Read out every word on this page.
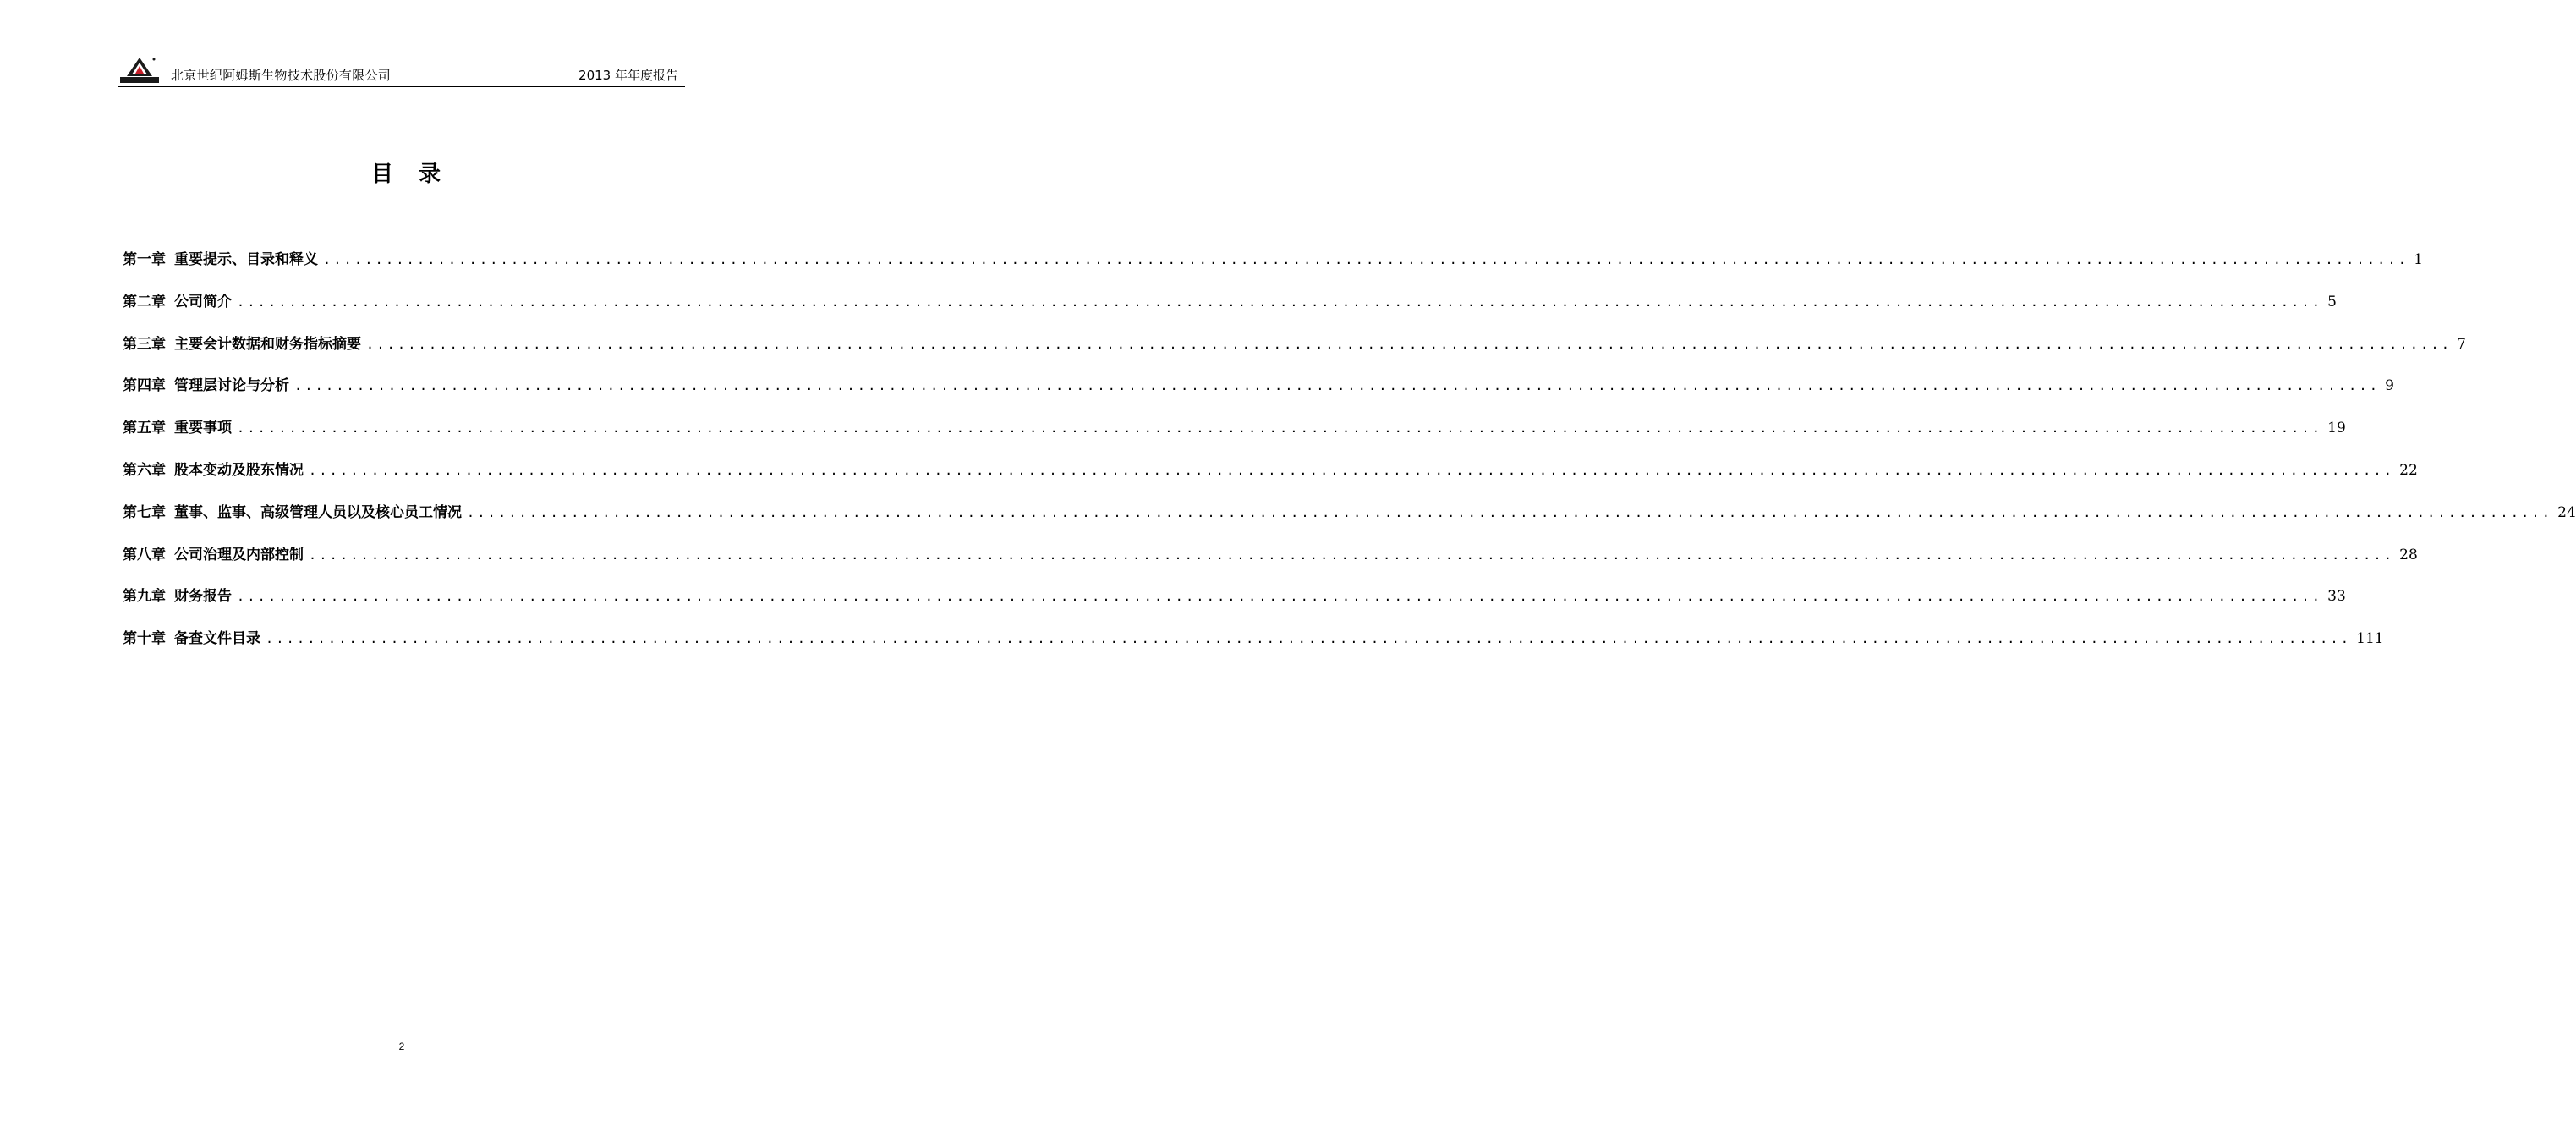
北京世纪阿姆斯生物技术股份有限公司	2013 年年度报告
目录
第一章 重要提示、目录和释义 ........................................................................................................................................................................................................ 1
第二章 公司简介 ........................................................................................................................................................................................................ 5
第三章 主要会计数据和财务指标摘要 ........................................................................................................................................................................................................ 7
第四章 管理层讨论与分析 ........................................................................................................................................................................................................ 9
第五章 重要事项 ........................................................................................................................................................................................................ 19
第六章 股本变动及股东情况 ........................................................................................................................................................................................................ 22
第七章 董事、监事、高级管理人员以及核心员工情况 ........................................................................................................................................................................................................ 24
第八章 公司治理及内部控制 ........................................................................................................................................................................................................ 28
第九章 财务报告 ........................................................................................................................................................................................................ 33
第十章 备查文件目录 ........................................................................................................................................................................................................ 111
2
